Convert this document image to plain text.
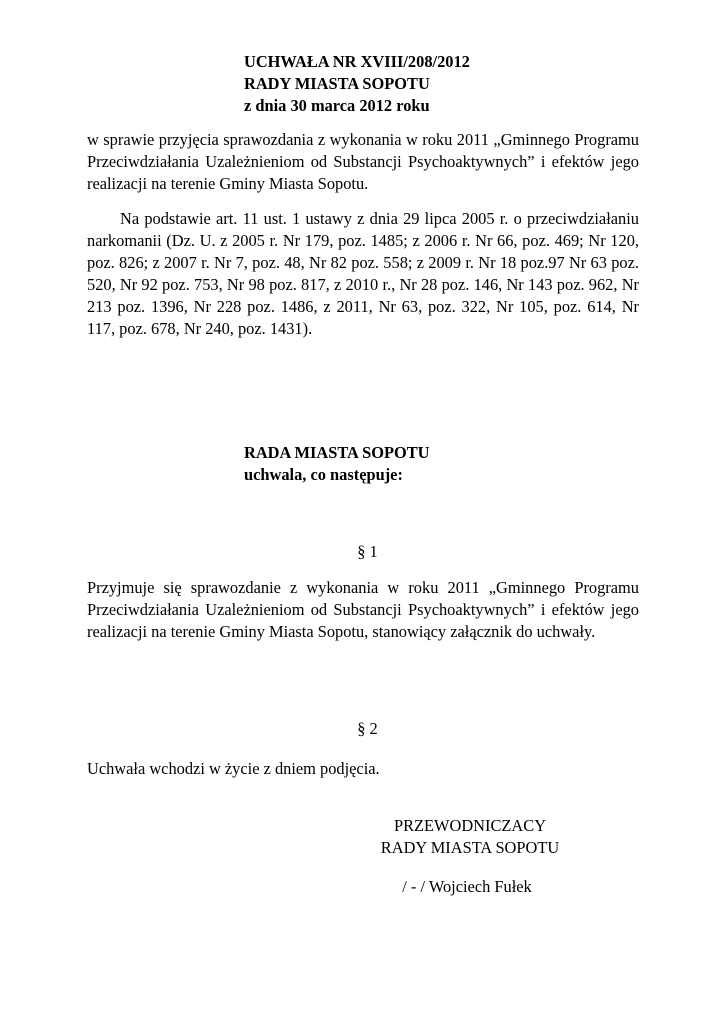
UCHWAŁA NR XVIII/208/2012
RADY MIASTA SOPOTU
z dnia 30 marca 2012 roku
w sprawie przyjęcia sprawozdania z wykonania w roku 2011 „Gminnego Programu Przeciwdziałania Uzależnieniom od Substancji Psychoaktywnych” i efektów jego realizacji na terenie Gminy Miasta Sopotu.
Na podstawie art. 11 ust. 1 ustawy z dnia 29 lipca 2005 r. o przeciwdziałaniu narkomanii (Dz. U. z 2005 r. Nr 179, poz. 1485; z 2006 r. Nr 66, poz. 469; Nr 120, poz. 826; z 2007 r. Nr 7, poz. 48, Nr 82 poz. 558; z 2009 r. Nr 18 poz.97 Nr 63 poz. 520, Nr 92 poz. 753, Nr 98 poz. 817, z 2010 r., Nr 28 poz. 146, Nr 143 poz. 962, Nr 213 poz. 1396, Nr 228 poz. 1486, z 2011, Nr 63, poz. 322, Nr 105, poz. 614, Nr 117, poz. 678, Nr 240, poz. 1431).
RADA MIASTA SOPOTU
uchwala, co następuje:
§ 1
Przyjmuje się sprawozdanie z wykonania w roku 2011 „Gminnego Programu Przeciwdziałania Uzależnieniom od Substancji Psychoaktywnych” i efektów jego realizacji na terenie Gminy Miasta Sopotu, stanowiący załącznik do uchwały.
§ 2
Uchwała wchodzi w życie z dniem podjęcia.
PRZEWODNICZACY
RADY MIASTA SOPOTU
/ - / Wojciech Fułek
